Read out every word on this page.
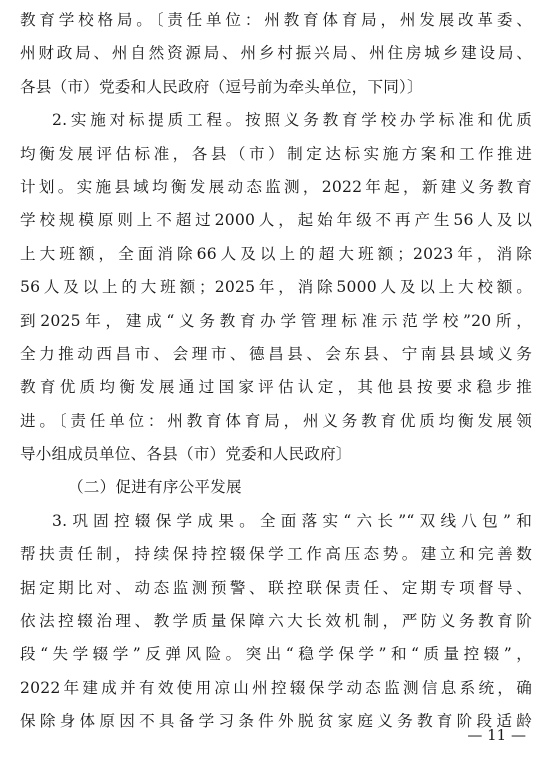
教育学校格局。〔责任单位：州教育体育局，州发展改革委、
州财政局、州自然资源局、州乡村振兴局、州住房城乡建设局、
各县（市）党委和人民政府（逗号前为牵头单位，下同）〕
2.实施对标提质工程。按照义务教育学校办学标准和优质
均衡发展评估标准，各县（市）制定达标实施方案和工作推进
计划。实施县域均衡发展动态监测，2022年起，新建义务教育
学校规模原则上不超过2000人，起始年级不再产生56人及以
上大班额，全面消除66人及以上的超大班额；2023年，消除
56人及以上的大班额；2025年，消除5000人及以上大校额。
到2025年，建成“义务教育办学管理标准示范学校”20所，
全力推动西昌市、会理市、德昌县、会东县、宁南县县域义务
教育优质均衡发展通过国家评估认定，其他县按要求稳步推
进。〔责任单位：州教育体育局，州义务教育优质均衡发展领
导小组成员单位、各县（市）党委和人民政府〕
（二）促进有序公平发展
3.巩固控辍保学成果。全面落实“六长”“双线八包”和
帮扶责任制，持续保持控辍保学工作高压态势。建立和完善数
据定期比对、动态监测预警、联控联保责任、定期专项督导、
依法控辍治理、教学质量保障六大长效机制，严防义务教育阶
段“失学辍学”反弹风险。突出“稳学保学”和“质量控辍”，
2022年建成并有效使用凉山州控辍保学动态监测信息系统，确
保除身体原因不具备学习条件外脱贫家庭义务教育阶段适龄
— 11 —
